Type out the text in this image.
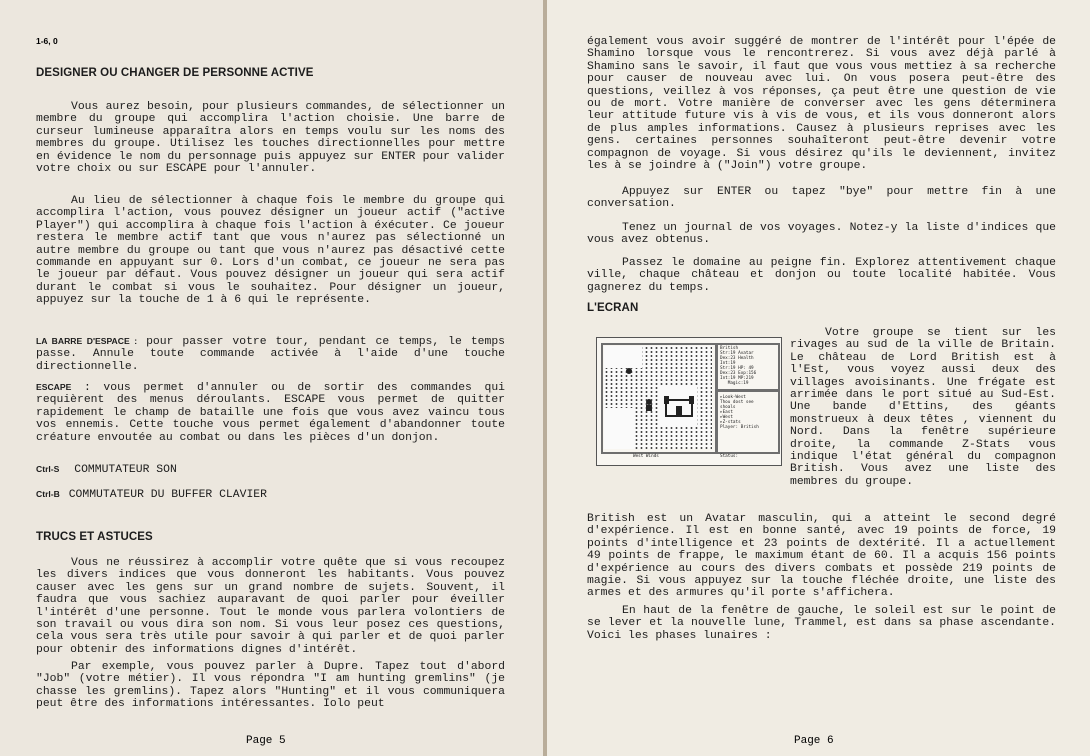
1-6, 0
DESIGNER OU CHANGER DE PERSONNE ACTIVE

Vous aurez besoin, pour plusieurs commandes, de sélectionner un membre du groupe qui accomplira l'action choisie. Une barre de curseur lumineuse apparaîtra alors en temps voulu sur les noms des membres du groupe. Utilisez les touches directionnelles pour mettre en évidence le nom du personnage puis appuyez sur ENTER pour valider votre choix ou sur ESCAPE pour l'annuler.

Au lieu de sélectionner à chaque fois le membre du groupe qui accomplira l'action, vous pouvez désigner un joueur actif ("active Player") qui accomplira à chaque fois l'action à éxécuter. Ce joueur restera le membre actif tant que vous n'aurez pas sélectionné un autre membre du groupe ou tant que vous n'aurez pas désactivé cette commande en appuyant sur 0. Lors d'un combat, ce joueur ne sera pas le joueur par défaut. Vous pouvez désigner un joueur qui sera actif durant le combat si vous le souhaitez. Pour désigner un joueur, appuyez sur la touche de 1 à 6 qui le représente.

LA BARRE D'ESPACE : pour passer votre tour, pendant ce temps, le temps passe. Annule toute commande activée à l'aide d'une touche directionnelle.

ESCAPE : vous permet d'annuler ou de sortir des commandes qui requièrent des menus déroulants. ESCAPE vous permet de quitter rapidement le champ de bataille une fois que vous avez vaincu tous vos ennemis. Cette touche vous permet également d'abandonner toute créature envoutée au combat ou dans les pièces d'un donjon.

Ctrl-S COMMUTATEUR SON
Ctrl-B COMMUTATEUR DU BUFFER CLAVIER
TRUCS ET ASTUCES

Vous ne réussirez à accomplir votre quête que si vous recoupez les divers indices que vous donneront les habitants. Vous pouvez causer avec les gens sur un grand nombre de sujets. Souvent, il faudra que vous sachiez auparavant de quoi parler pour éveiller l'intérêt d'une personne. Tout le monde vous parlera volontiers de son travail ou vous dira son nom. Si vous leur posez ces questions, cela vous sera très utile pour savoir à qui parler et de quoi parler pour obtenir des informations dignes d'intérêt.

Par exemple, vous pouvez parler à Dupre. Tapez tout d'abord "Job" (votre métier). Il vous répondra "I am hunting gremlins" (je chasse les gremlins). Tapez alors "Hunting" et il vous communiquera peut être des informations intéressantes. Iolo peut

Page 5

également vous avoir suggéré de montrer de l'intérêt pour l'épée de Shamino lorsque vous le rencontrerez. Si vous avez déjà parlé à Shamino sans le savoir, il faut que vous vous mettiez à sa recherche pour causer de nouveau avec lui. On vous posera peut-être des questions, veillez à vos réponses, ça peut être une question de vie ou de mort. Votre manière de converser avec les gens déterminera leur attitude future vis à vis de vous, et ils vous donneront alors de plus amples informations. Causez à plusieurs reprises avec les gens. certaines personnes souhaîteront peut-être devenir votre compagnon de voyage. Si vous désirez qu'ils le deviennent, invitez les à se joindre à ("Join") votre groupe.

Appuyez sur ENTER ou tapez "bye" pour mettre fin à une conversation.

Tenez un journal de vos voyages. Notez-y la liste d'indices que vous avez obtenus.

Passez le domaine au peigne fin. Explorez attentivement chaque ville, chaque château et donjon ou toute localité habitée. Vous gagnerez du temps.

L'ECRAN

Votre groupe se tient sur les rivages au sud de la ville de Britain. Le château de Lord British est à l'Est, vous voyez aussi deux des villages avoisinants. Une frégate est arrimée dans le port situé au Sud-Est. Une bande d'Ettins, des géants monstrueux à deux têtes , viennent du Nord. Dans la fenêtre supérieure droite, la commande Z-Stats vous indique l'état général du compagnon British. Vous avez une liste des membres du groupe.

British est un Avatar masculin, qui a atteint le second degré d'expérience. Il est en bonne santé, avec 19 points de force, 19 points d'intelligence et 23 points de dextérité. Il a actuellement 49 points de frappe, le maximum étant de 60. Il a acquis 156 points d'expérience au cours des divers combats et possède 219 points de magie. Si vous appuyez sur la touche fléchée droite, une liste des armes et des armures qu'il porte s'affichera.

En haut de la fenêtre de gauche, le soleil est sur le point de se lever et la nouvelle lune, Trammel, est dans sa phase ascendante. Voici les phases lunaires :

Page 6
British
Str:19 Avatar
Dex:23 Health
Int:19
Str:19 HP: 49
Dex:23 Exp:156
Int:19 MP:219
Magic:19
▸Look-West
Thou dost see
shoals
▸East
▸West
▸Z-stats
Player: British
West Winds	Status:
